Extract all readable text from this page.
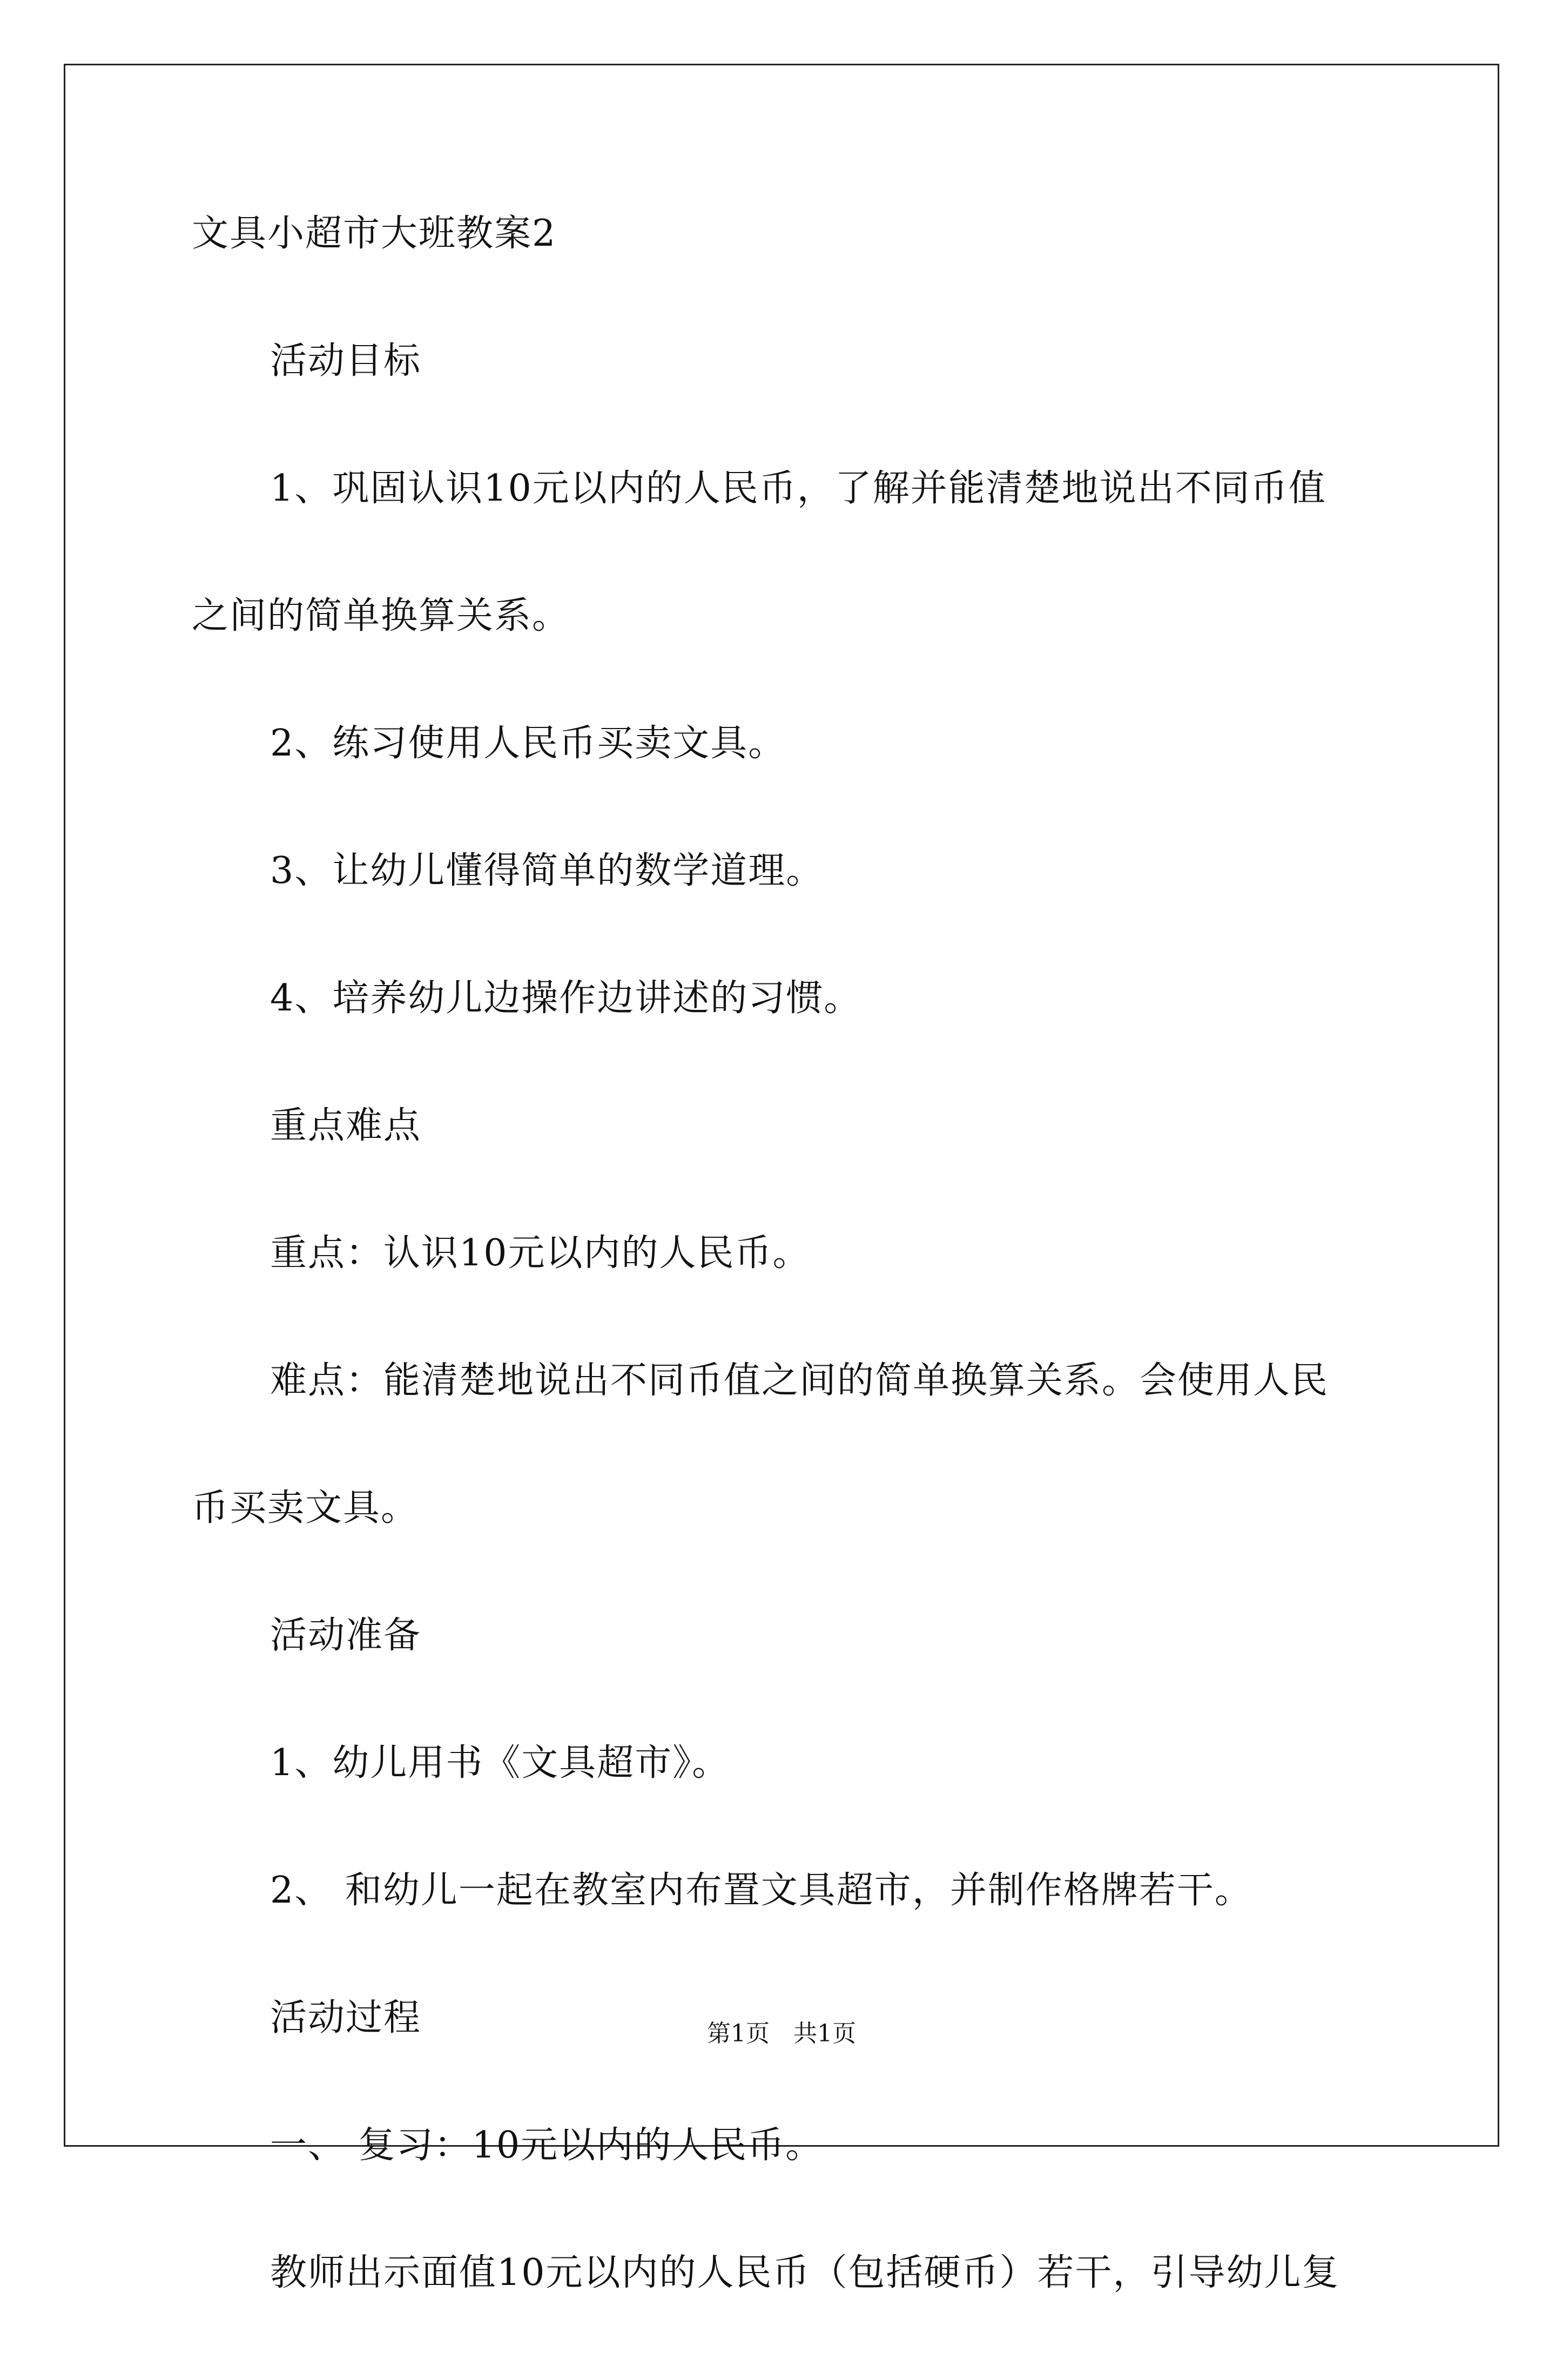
文具小超市大班教案2
活动目标
1、巩固认识10元以内的人民币，了解并能清楚地说出不同币值
之间的简单换算关系。
2、练习使用人民币买卖文具。
3、让幼儿懂得简单的数学道理。
4、培养幼儿边操作边讲述的习惯。
重点难点
重点：认识10元以内的人民币。
难点：能清楚地说出不同币值之间的简单换算关系。会使用人民
币买卖文具。
活动准备
1、幼儿用书《文具超市》。
2、 和幼儿一起在教室内布置文具超市，并制作格牌若干。
活动过程
一、 复习：10元以内的人民币。
教师出示面值10元以内的人民币（包括硬币）若干，引导幼儿复
第1页　共1页
